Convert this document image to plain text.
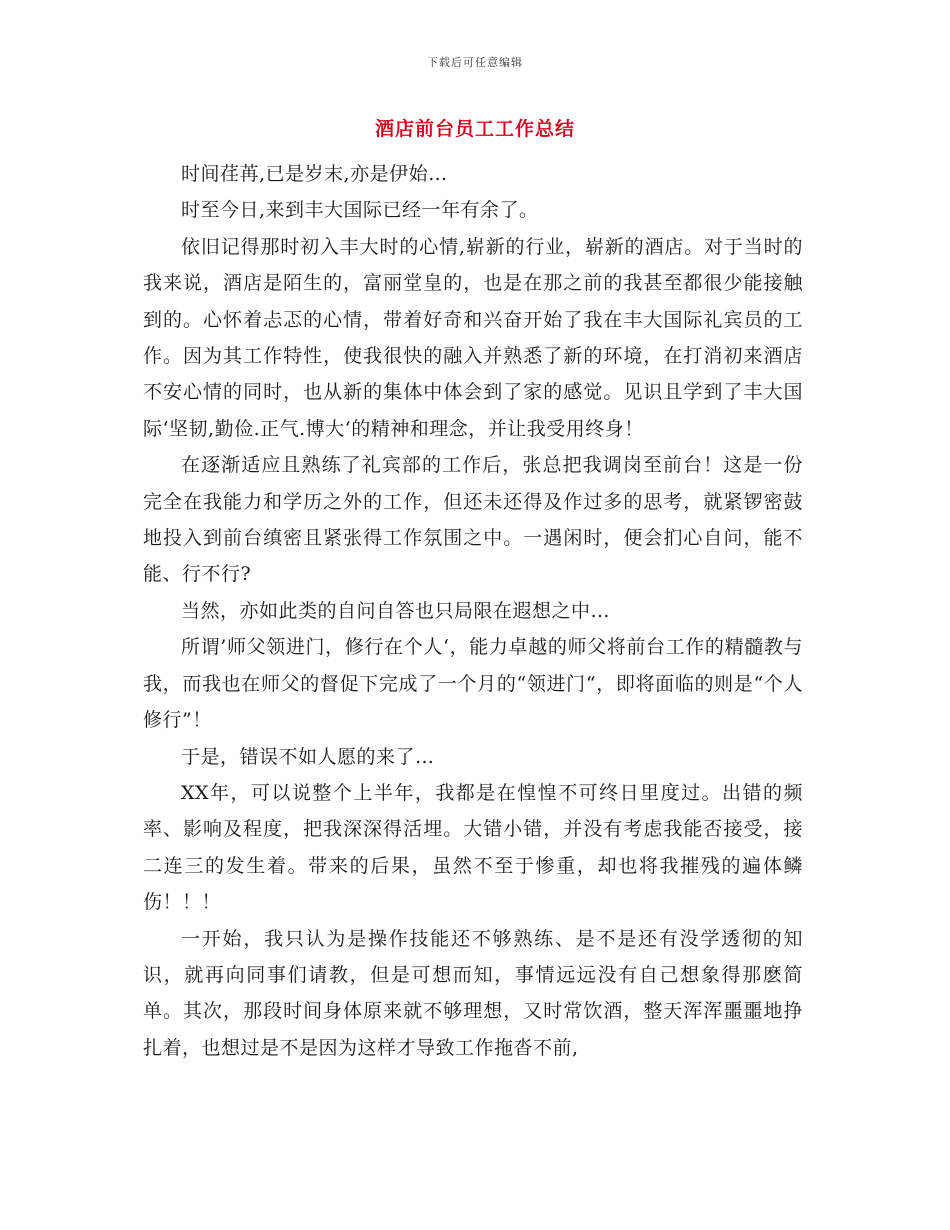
下载后可任意编辑
酒店前台员工工作总结

时间荏苒,已是岁末,亦是伊始…

时至今日,来到丰大国际已经一年有余了。

依旧记得那时初入丰大时的心情,崭新的行业，崭新的酒店。对于当时的我来说，酒店是陌生的，富丽堂皇的，也是在那之前的我甚至都很少能接触到的。心怀着忐忑的心情，带着好奇和兴奋开始了我在丰大国际礼宾员的工作。因为其工作特性，使我很快的融入并熟悉了新的环境，在打消初来酒店不安心情的同时，也从新的集体中体会到了家的感觉。见识且学到了丰大国际‘坚韧,勤俭.正气.博大‘的精神和理念，并让我受用终身！

在逐渐适应且熟练了礼宾部的工作后，张总把我调岗至前台！这是一份完全在我能力和学历之外的工作，但还未还得及作过多的思考，就紧锣密鼓地投入到前台缜密且紧张得工作氛围之中。一遇闲时，便会扪心自问，能不能、行不行?

当然，亦如此类的自问自答也只局限在遐想之中…

所谓’师父领进门，修行在个人‘，能力卓越的师父将前台工作的精髓教与我，而我也在师父的督促下完成了一个月的“领进门“，即将面临的则是“个人修行”！

于是，错误不如人愿的来了…

XX年，可以说整个上半年，我都是在惶惶不可终日里度过。出错的频率、影响及程度，把我深深得活埋。大错小错，并没有考虑我能否接受，接二连三的发生着。带来的后果，虽然不至于惨重，却也将我摧残的遍体鳞伤！！！

一开始，我只认为是操作技能还不够熟练、是不是还有没学透彻的知识，就再向同事们请教，但是可想而知，事情远远没有自己想象得那麽简单。其次，那段时间身体原来就不够理想，又时常饮酒，整天浑浑噩噩地挣扎着，也想过是不是因为这样才导致工作拖沓不前,
